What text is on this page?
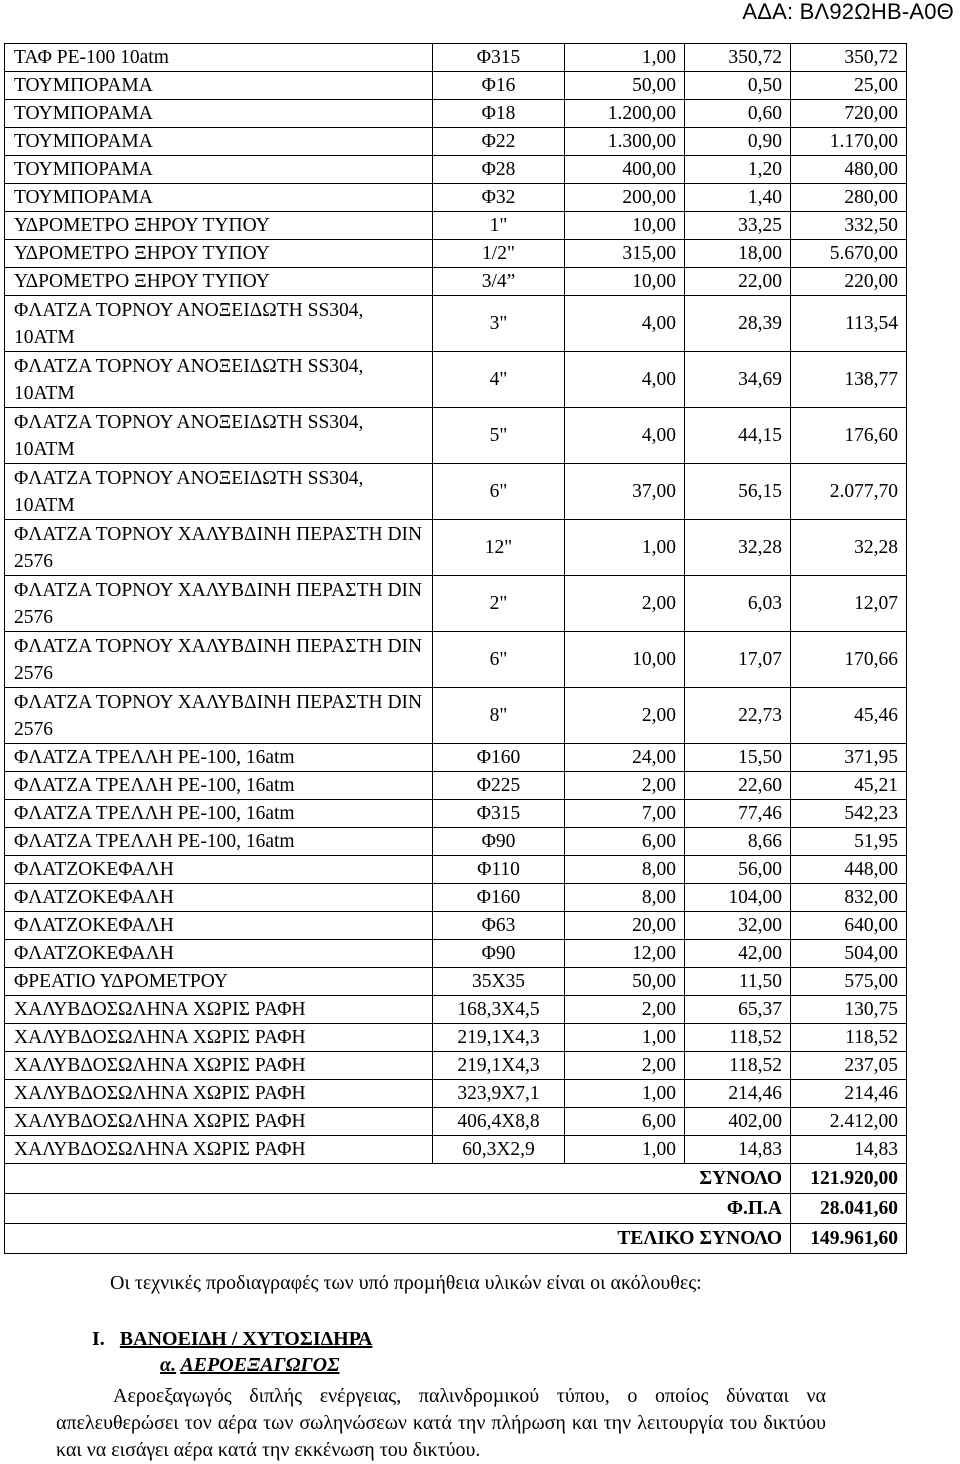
ΑΔΑ: ΒΛ92ΩΗΒ-Α0Θ
ΤΑΦ ΡΕ-100 10atm	Φ315	1,00	350,72	350,72
ΤΟΥΜΠΟΡΑΜΑ	Φ16	50,00	0,50	25,00
ΤΟΥΜΠΟΡΑΜΑ	Φ18	1.200,00	0,60	720,00
ΤΟΥΜΠΟΡΑΜΑ	Φ22	1.300,00	0,90	1.170,00
ΤΟΥΜΠΟΡΑΜΑ	Φ28	400,00	1,20	480,00
ΤΟΥΜΠΟΡΑΜΑ	Φ32	200,00	1,40	280,00
ΥΔΡΟΜΕΤΡΟ ΞΗΡΟΥ ΤΥΠΟΥ	1"	10,00	33,25	332,50
ΥΔΡΟΜΕΤΡΟ ΞΗΡΟΥ ΤΥΠΟΥ	1/2"	315,00	18,00	5.670,00
ΥΔΡΟΜΕΤΡΟ ΞΗΡΟΥ ΤΥΠΟΥ	3/4”	10,00	22,00	220,00
ΦΛΑΤΖΑ ΤΟΡΝΟΥ ΑΝΟΞΕΙΔΩΤΗ SS304, 10ATM	3"	4,00	28,39	113,54
ΦΛΑΤΖΑ ΤΟΡΝΟΥ ΑΝΟΞΕΙΔΩΤΗ SS304, 10ATM	4"	4,00	34,69	138,77
ΦΛΑΤΖΑ ΤΟΡΝΟΥ ΑΝΟΞΕΙΔΩΤΗ SS304, 10ATM	5"	4,00	44,15	176,60
ΦΛΑΤΖΑ ΤΟΡΝΟΥ ΑΝΟΞΕΙΔΩΤΗ SS304, 10ATM	6"	37,00	56,15	2.077,70
ΦΛΑΤΖΑ ΤΟΡΝΟΥ ΧΑΛΥΒΔΙΝΗ ΠΕΡΑΣΤΗ DIN 2576	12"	1,00	32,28	32,28
ΦΛΑΤΖΑ ΤΟΡΝΟΥ ΧΑΛΥΒΔΙΝΗ ΠΕΡΑΣΤΗ DIN 2576	2"	2,00	6,03	12,07
ΦΛΑΤΖΑ ΤΟΡΝΟΥ ΧΑΛΥΒΔΙΝΗ ΠΕΡΑΣΤΗ DIN 2576	6"	10,00	17,07	170,66
ΦΛΑΤΖΑ ΤΟΡΝΟΥ ΧΑΛΥΒΔΙΝΗ ΠΕΡΑΣΤΗ DIN 2576	8"	2,00	22,73	45,46
ΦΛΑΤΖΑ ΤΡΕΛΛΗ ΡΕ-100, 16atm	Φ160	24,00	15,50	371,95
ΦΛΑΤΖΑ ΤΡΕΛΛΗ ΡΕ-100, 16atm	Φ225	2,00	22,60	45,21
ΦΛΑΤΖΑ ΤΡΕΛΛΗ ΡΕ-100, 16atm	Φ315	7,00	77,46	542,23
ΦΛΑΤΖΑ ΤΡΕΛΛΗ ΡΕ-100, 16atm	Φ90	6,00	8,66	51,95
ΦΛΑΤΖΟΚΕΦΑΛΗ	Φ110	8,00	56,00	448,00
ΦΛΑΤΖΟΚΕΦΑΛΗ	Φ160	8,00	104,00	832,00
ΦΛΑΤΖΟΚΕΦΑΛΗ	Φ63	20,00	32,00	640,00
ΦΛΑΤΖΟΚΕΦΑΛΗ	Φ90	12,00	42,00	504,00
ΦΡΕΑΤΙΟ ΥΔΡΟΜΕΤΡΟΥ	35Χ35	50,00	11,50	575,00
ΧΑΛΥΒΔΟΣΩΛΗΝΑ ΧΩΡΙΣ ΡΑΦΗ	168,3Χ4,5	2,00	65,37	130,75
ΧΑΛΥΒΔΟΣΩΛΗΝΑ ΧΩΡΙΣ ΡΑΦΗ	219,1Χ4,3	1,00	118,52	118,52
ΧΑΛΥΒΔΟΣΩΛΗΝΑ ΧΩΡΙΣ ΡΑΦΗ	219,1Χ4,3	2,00	118,52	237,05
ΧΑΛΥΒΔΟΣΩΛΗΝΑ ΧΩΡΙΣ ΡΑΦΗ	323,9Χ7,1	1,00	214,46	214,46
ΧΑΛΥΒΔΟΣΩΛΗΝΑ ΧΩΡΙΣ ΡΑΦΗ	406,4Χ8,8	6,00	402,00	2.412,00
ΧΑΛΥΒΔΟΣΩΛΗΝΑ ΧΩΡΙΣ ΡΑΦΗ	60,3Χ2,9	1,00	14,83	14,83
	ΣΥΝΟΛΟ			121.920,00
	Φ.Π.Α			28.041,60
	ΤΕΛΙΚΟ ΣΥΝΟΛΟ			149.961,60
Οι τεχνικές προδιαγραφές των υπό προµήθεια υλικών είναι οι ακόλουθες:
Ι. ΒΑΝΟΕΙΔΗ / ΧΥΤΟΣΙΔΗΡΑ
α. ΑΕΡΟΕΞΑΓΩΓΟΣ
Αεροεξαγωγός διπλής ενέργειας, παλινδροµικού τύπου, ο οποίος δύναται να απελευθερώσει τον αέρα των σωληνώσεων κατά την πλήρωση και την λειτουργία του δικτύου και να εισάγει αέρα κατά την εκκένωση του δικτύου.
